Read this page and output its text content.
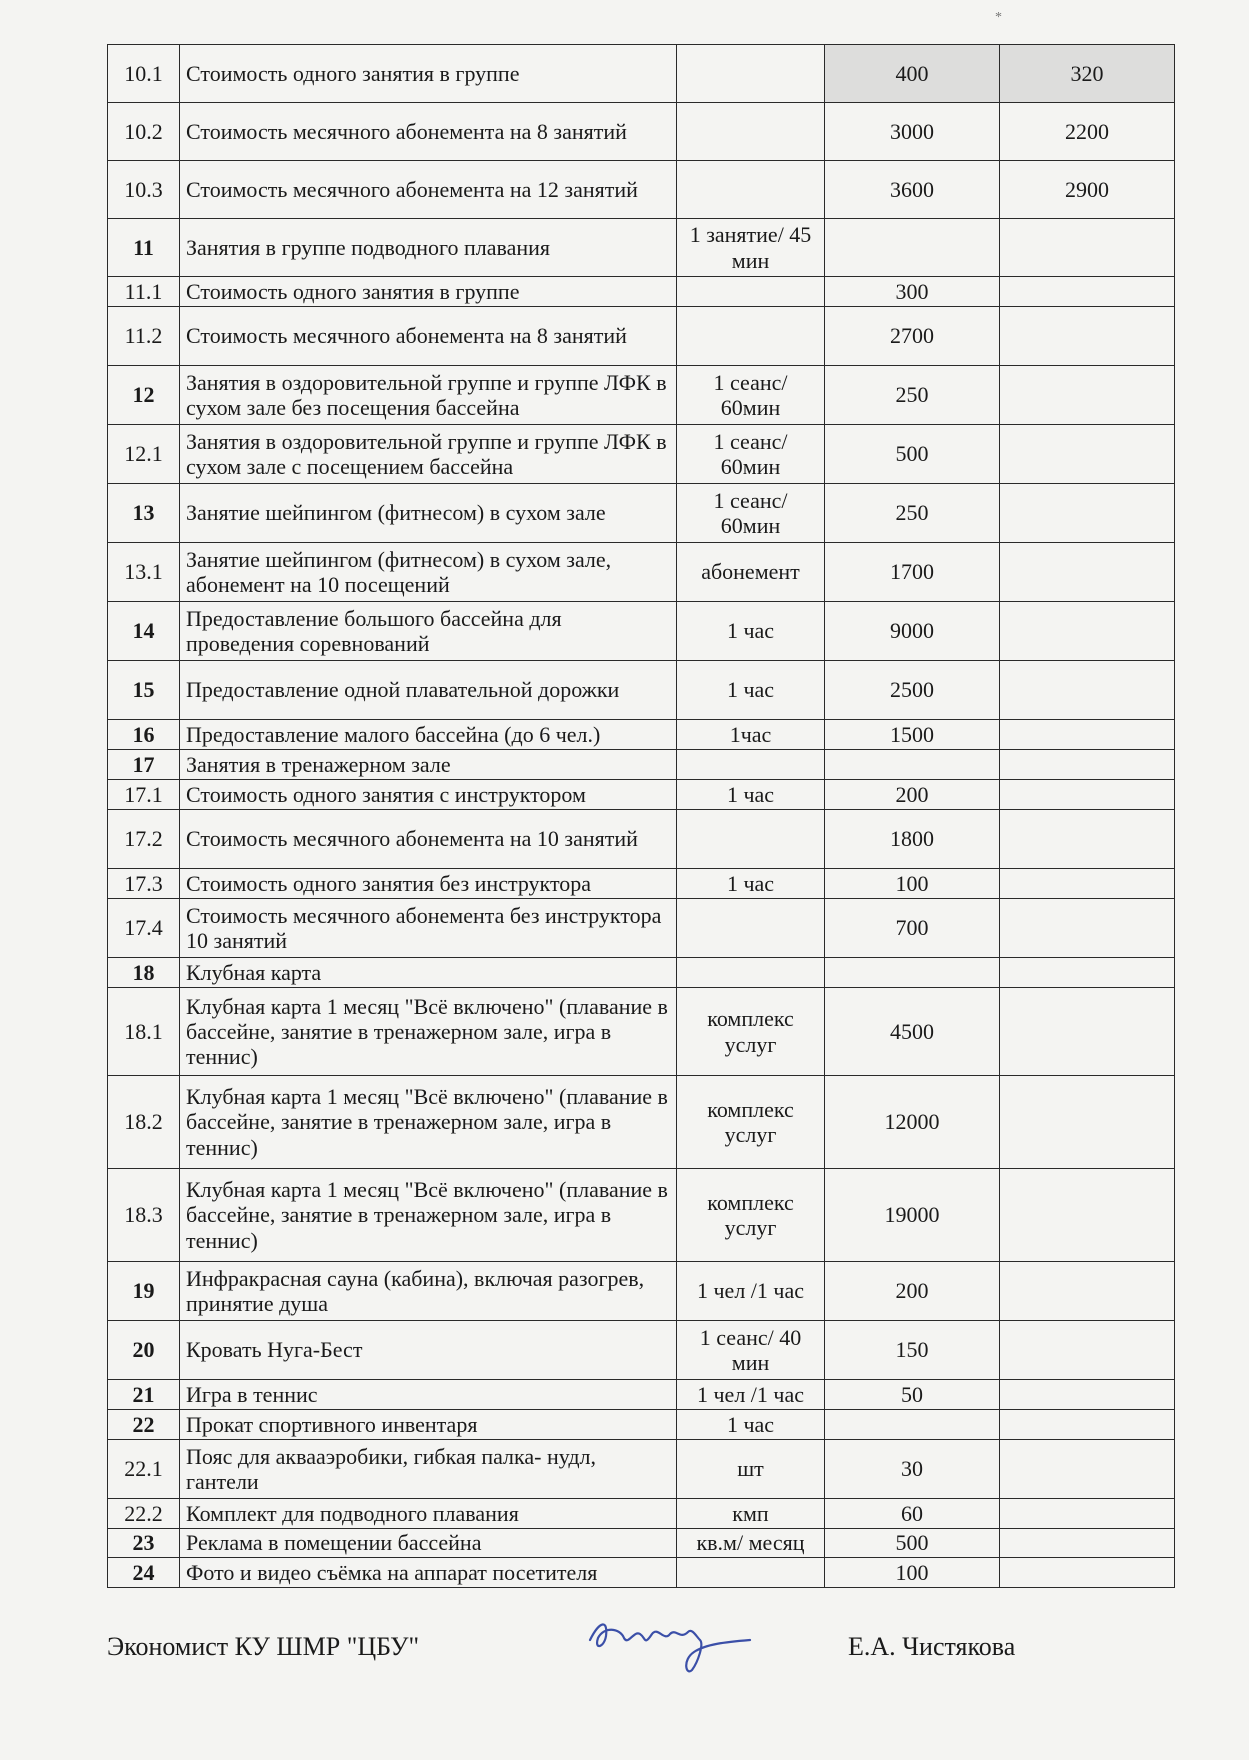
*
10.1	Стоимость одного занятия в группе		400	320
10.2	Стоимость месячного абонемента на 8 занятий		3000	2200
10.3	Стоимость месячного абонемента на 12 занятий		3600	2900
11	Занятия в группе подводного плавания	1 занятие/ 45 мин		
11.1	Стоимость одного занятия в группе		300	
11.2	Стоимость месячного абонемента на 8 занятий		2700	
12	Занятия в оздоровительной группе и группе ЛФК в сухом зале без посещения бассейна	1 сеанс/ 60мин	250	
12.1	Занятия в оздоровительной группе и группе ЛФК в сухом зале с посещением бассейна	1 сеанс/ 60мин	500	
13	Занятие шейпингом (фитнесом) в сухом зале	1 сеанс/ 60мин	250	
13.1	Занятие шейпингом (фитнесом) в сухом зале, абонемент на 10 посещений	абонемент	1700	
14	Предоставление большого бассейна для проведения соревнований	1 час	9000	
15	Предоставление одной плавательной дорожки	1 час	2500	
16	Предоставление малого бассейна (до 6 чел.)	1час	1500	
17	Занятия в тренажерном зале			
17.1	Стоимость одного занятия с инструктором	1 час	200	
17.2	Стоимость месячного абонемента на 10 занятий		1800	
17.3	Стоимость одного занятия без инструктора	1 час	100	
17.4	Стоимость месячного абонемента без инструктора 10 занятий		700	
18	Клубная карта			
18.1	Клубная карта 1 месяц "Всё включено" (плавание в бассейне, занятие в тренажерном зале, игра в теннис)	комплекс услуг	4500	
18.2	Клубная карта 1 месяц "Всё включено" (плавание в бассейне, занятие в тренажерном зале, игра в теннис)	комплекс услуг	12000	
18.3	Клубная карта 1 месяц "Всё включено" (плавание в бассейне, занятие в тренажерном зале, игра в теннис)	комплекс услуг	19000	
19	Инфракрасная сауна (кабина), включая разогрев, принятие душа	1 чел /1 час	200	
20	Кровать Нуга-Бест	1 сеанс/ 40 мин	150	
21	Игра в теннис	1 чел /1 час	50	
22	Прокат спортивного инвентаря	1 час		
22.1	Пояс для аквааэробики, гибкая палка- нудл, гантели	шт	30	
22.2	Комплект для подводного плавания	кмп	60	
23	Реклама в помещении бассейна	кв.м/ месяц	500	
24	Фото и видео съёмка на аппарат посетителя		100	
Экономист КУ ШМР "ЦБУ"	Е.А. Чистякова
